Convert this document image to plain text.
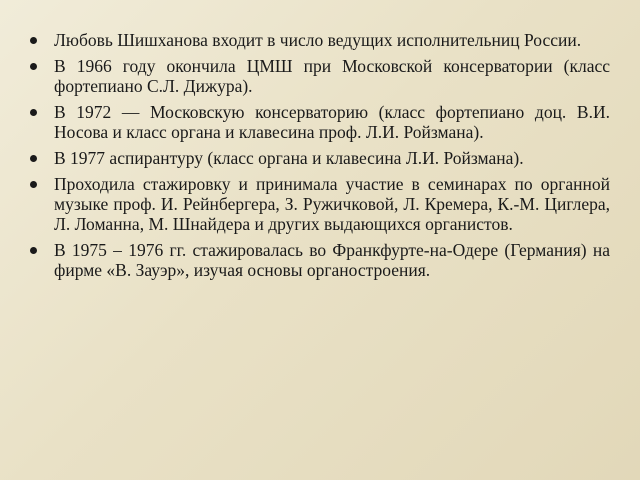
Любовь Шишханова входит в число ведущих исполнительниц России.
В 1966 году окончила ЦМШ при Московской консерватории (класс фортепиано С.Л. Дижура).
В 1972 — Московскую консерваторию (класс фортепиано доц. В.И. Носова и класс органа и клавесина проф. Л.И. Ройзмана).
В 1977 аспирантуру (класс органа и клавесина Л.И. Ройзмана).
Проходила стажировку и принимала участие в семинарах по органной музыке проф. И. Рейнбергера, З. Ружичковой, Л. Кремера, К.-М. Циглера, Л. Ломанна, М. Шнайдера и других выдающихся органистов.
В 1975 – 1976 гг. стажировалась во Франкфурте-на-Одере (Германия) на фирме «В. Зауэр», изучая основы органостроения.
